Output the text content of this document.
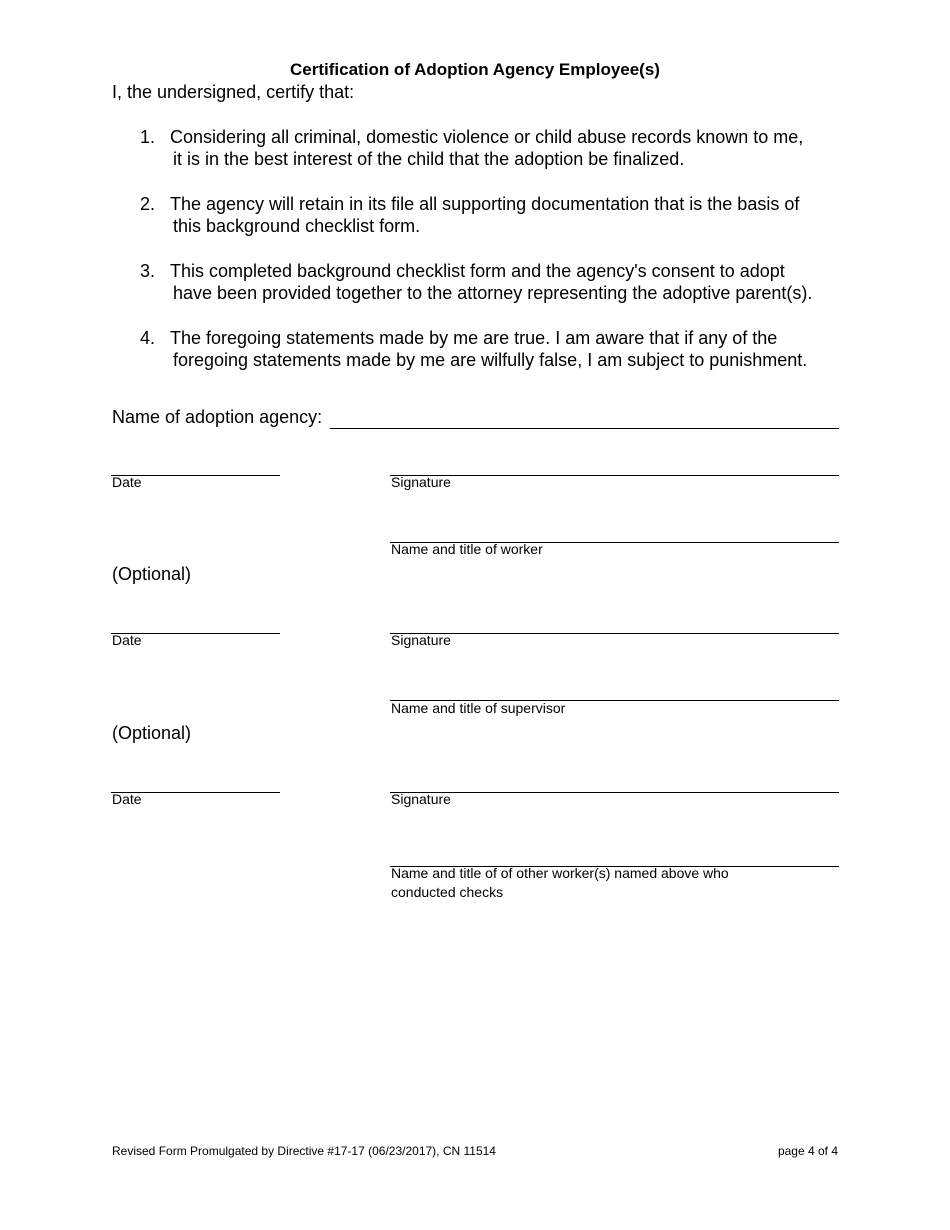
Certification of Adoption Agency Employee(s)
I, the undersigned, certify that:
1. Considering all criminal, domestic violence or child abuse records known to me,
it is in the best interest of the child that the adoption be finalized.
2. The agency will retain in its file all supporting documentation that is the basis of
this background checklist form.
3. This completed background checklist form and the agency's consent to adopt
have been provided together to the attorney representing the adoptive parent(s).
4. The foregoing statements made by me are true. I am aware that if any of the
foregoing statements made by me are wilfully false, I am subject to punishment.
Name of adoption agency:
Date	Signature
Name and title of worker
(Optional)
Date	Signature
Name and title of supervisor
(Optional)
Date	Signature
Name and title of of other worker(s) named above who
conducted checks
Revised Form Promulgated by Directive #17-17 (06/23/2017), CN 11514	page 4 of 4
